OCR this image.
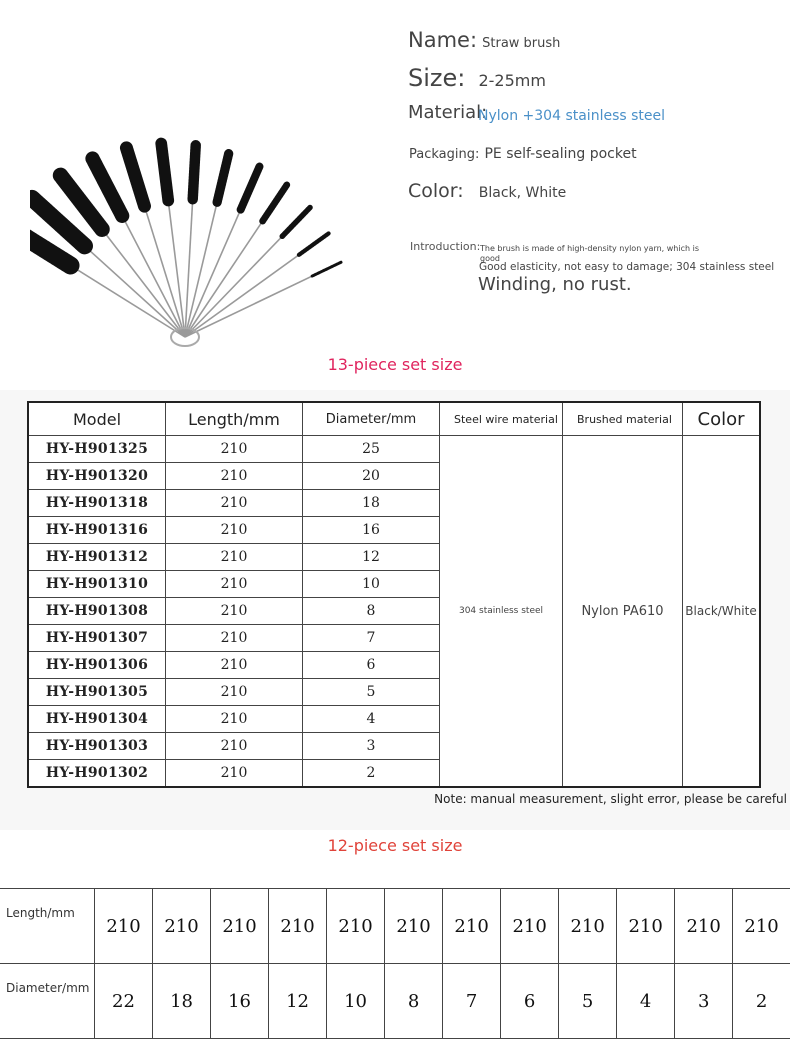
Name: Straw brush
Size: 2-25mm
Material:
Nylon +304 stainless steel
Packaging: PE self-sealing pocket
Color: Black, White
Introduction: The brush is made of high-density nylon yarn, which is
good
Good elasticity, not easy to damage; 304 stainless steel
Winding, no rust.
13-piece set size
Model	Length/mm	Diameter/mm	Steel wire material	Brushed material	Color
HY-H901325	210	25	304 stainless steel	Nylon PA610	Black/White
HY-H901320	210	20			
HY-H901318	210	18			
HY-H901316	210	16			
HY-H901312	210	12			
HY-H901310	210	10			
HY-H901308	210	8			
HY-H901307	210	7			
HY-H901306	210	6			
HY-H901305	210	5			
HY-H901304	210	4			
HY-H901303	210	3			
HY-H901302	210	2			
Note: manual measurement, slight error, please be careful
12-piece set size
Length/mm	210	210	210	210	210	210	210	210	210	210	210	210
Diameter/mm	22	18	16	12	10	8	7	6	5	4	3	2
